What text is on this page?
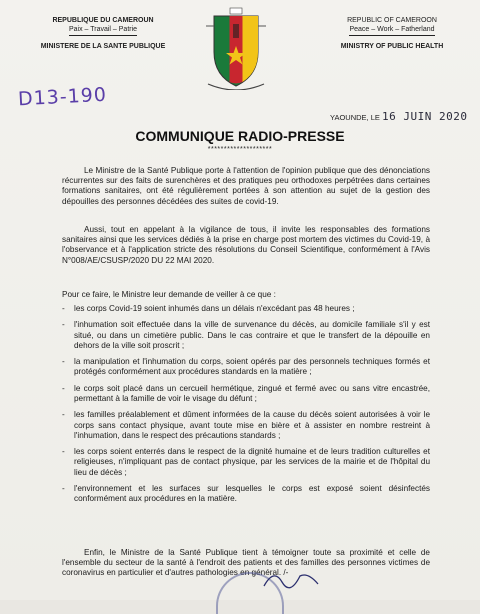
REPUBLIQUE DU CAMEROUN
Paix – Travail – Patrie
MINISTERE DE LA SANTE PUBLIQUE
REPUBLIC OF CAMEROON
Peace – Work – Fatherland
MINISTRY OF PUBLIC HEALTH
D13-190
YAOUNDE, LE 16 JUIN 2020
COMMUNIQUE RADIO-PRESSE
********************
Le Ministre de la Santé Publique porte à l'attention de l'opinion publique que des dénonciations récurrentes sur des faits de surenchères et des pratiques peu orthodoxes perpétrées dans certaines formations sanitaires, ont été régulièrement portées à son attention au sujet de la gestion des dépouilles des personnes décédées des suites de covid-19.
Aussi, tout en appelant à la vigilance de tous, il invite les responsables des formations sanitaires ainsi que les services dédiés à la prise en charge post mortem des victimes du Covid-19, à l'observance et à l'application stricte des résolutions du Conseil Scientifique, conformément à l'Avis N°008/AE/CSUSP/2020 DU 22 MAI 2020.
Pour ce faire, le Ministre leur demande de veiller à ce que :
- les corps Covid-19 soient inhumés dans un délais n'excédant pas 48 heures ;
- l'inhumation soit effectuée dans la ville de survenance du décès, au domicile familiale s'il y est situé, ou dans un cimetière public. Dans le cas contraire et que le transfert de la dépouille en dehors de la ville soit proscrit ;
- la manipulation et l'inhumation du corps, soient opérés par des personnels techniques formés et protégés conformément aux procédures standards en la matière ;
- le corps soit placé dans un cercueil hermétique, zingué et fermé avec ou sans vitre encastrée, permettant à la famille de voir le visage du défunt ;
- les familles préalablement et dûment informées de la cause du décès soient autorisées à voir le corps sans contact physique, avant toute mise en bière et à assister en nombre restreint à l'inhumation, dans le respect des précautions standards ;
- les corps soient enterrés dans le respect de la dignité humaine et de leurs tradition culturelles et religieuses, n'impliquant pas de contact physique, par les services de la mairie et de l'hôpital du lieu de décès ;
- l'environnement et les surfaces sur lesquelles le corps est exposé soient désinfectés conformément aux procédures en la matière.
Enfin, le Ministre de la Santé Publique tient à témoigner toute sa proximité et celle de l'ensemble du secteur de la santé à l'endroit des patients et des familles des personnes victimes de coronavirus en particulier et d'autres pathologies en général. /-
